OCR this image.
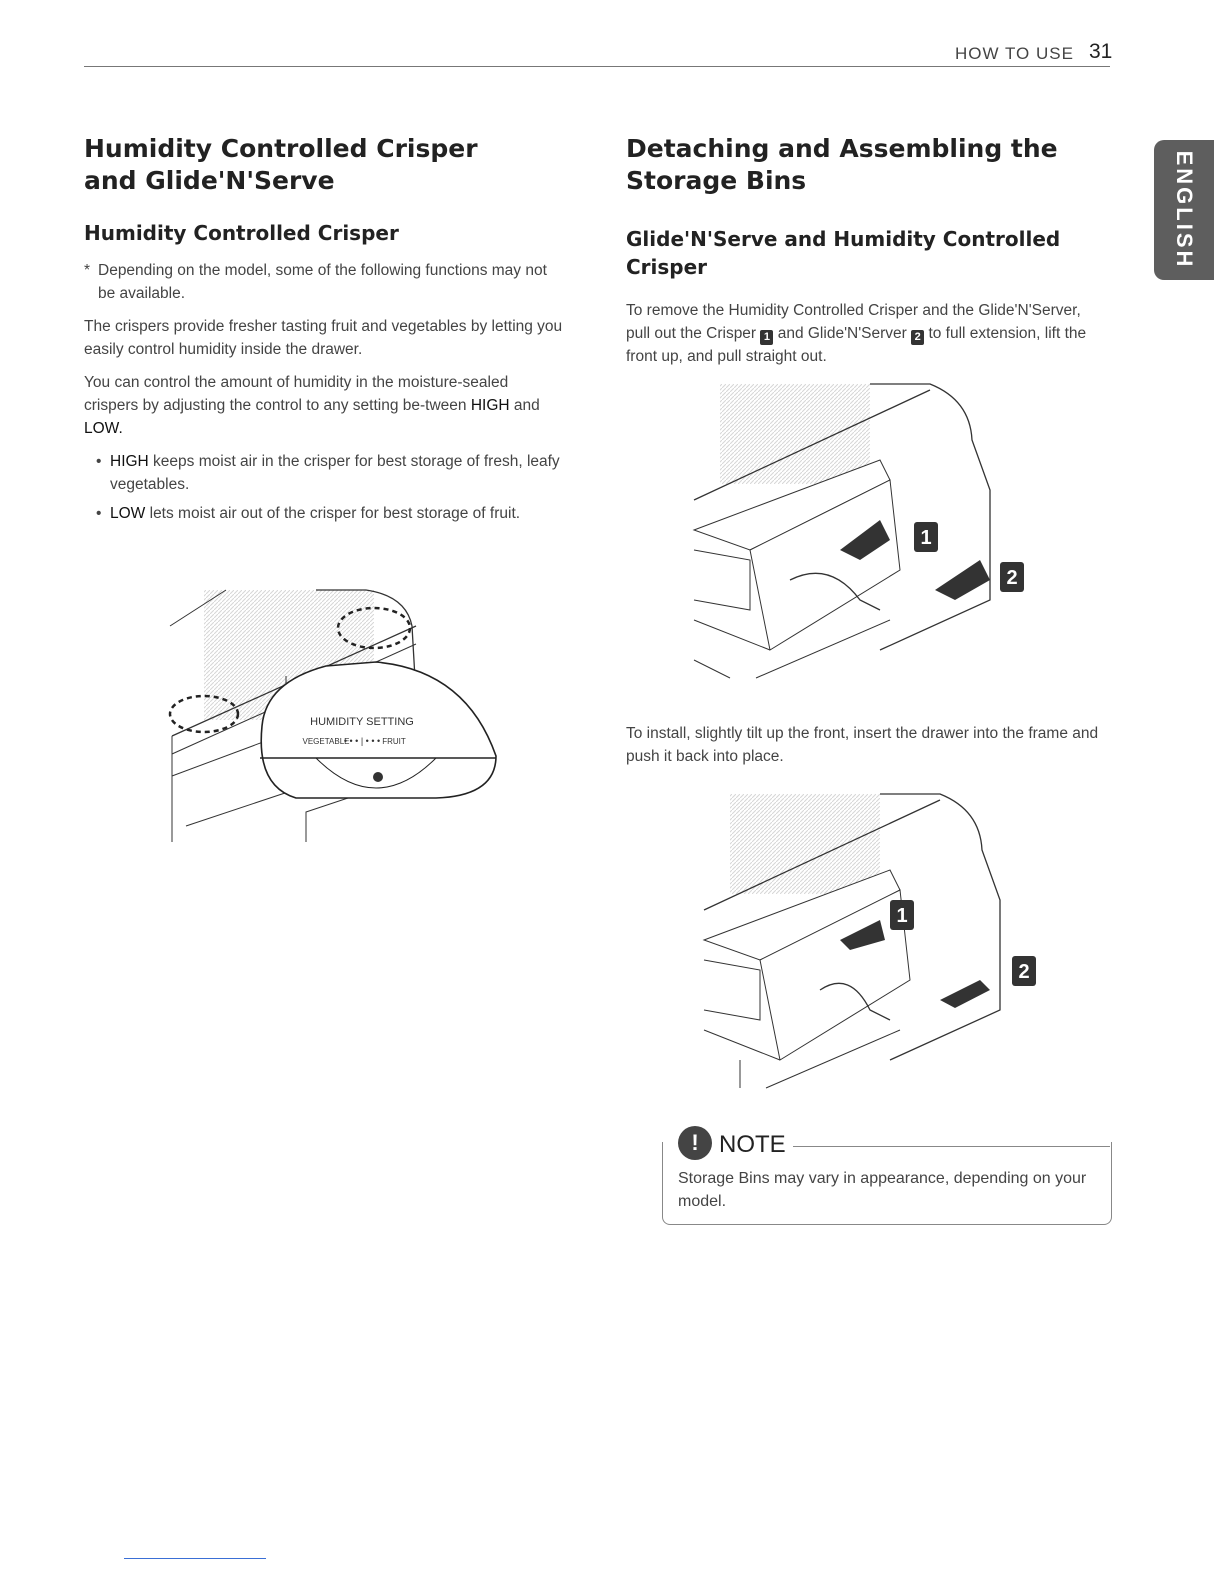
HOW TO USE 31
ENGLISH
Humidity Controlled Crisper
and Glide'N'Serve
Humidity Controlled Crisper
* Depending on the model, some of the following functions may not be available.

The crispers provide fresher tasting fruit and vegetables by letting you easily control humidity inside the drawer.

You can control the amount of humidity in the moisture-sealed crispers by adjusting the control to any setting be-tween HIGH and LOW.

• HIGH keeps moist air in the crisper for best storage of fresh, leafy vegetables.
• LOW lets moist air out of the crisper for best storage of fruit.
HUMIDITY SETTING
VEGETABLE	FRUIT
• • • | • • •
Detaching and Assembling the
Storage Bins
Glide'N'Serve and Humidity Controlled
Crisper

To remove the Humidity Controlled Crisper and the Glide'N'Server, pull out the Crisper 1 and Glide'N'Server 2 to full extension, lift the front up, and pull straight out.

1
2

To install, slightly tilt up the front, insert the drawer into the frame and push it back into place.

1
2
! NOTE
Storage Bins may vary in appearance, depending on your model.
